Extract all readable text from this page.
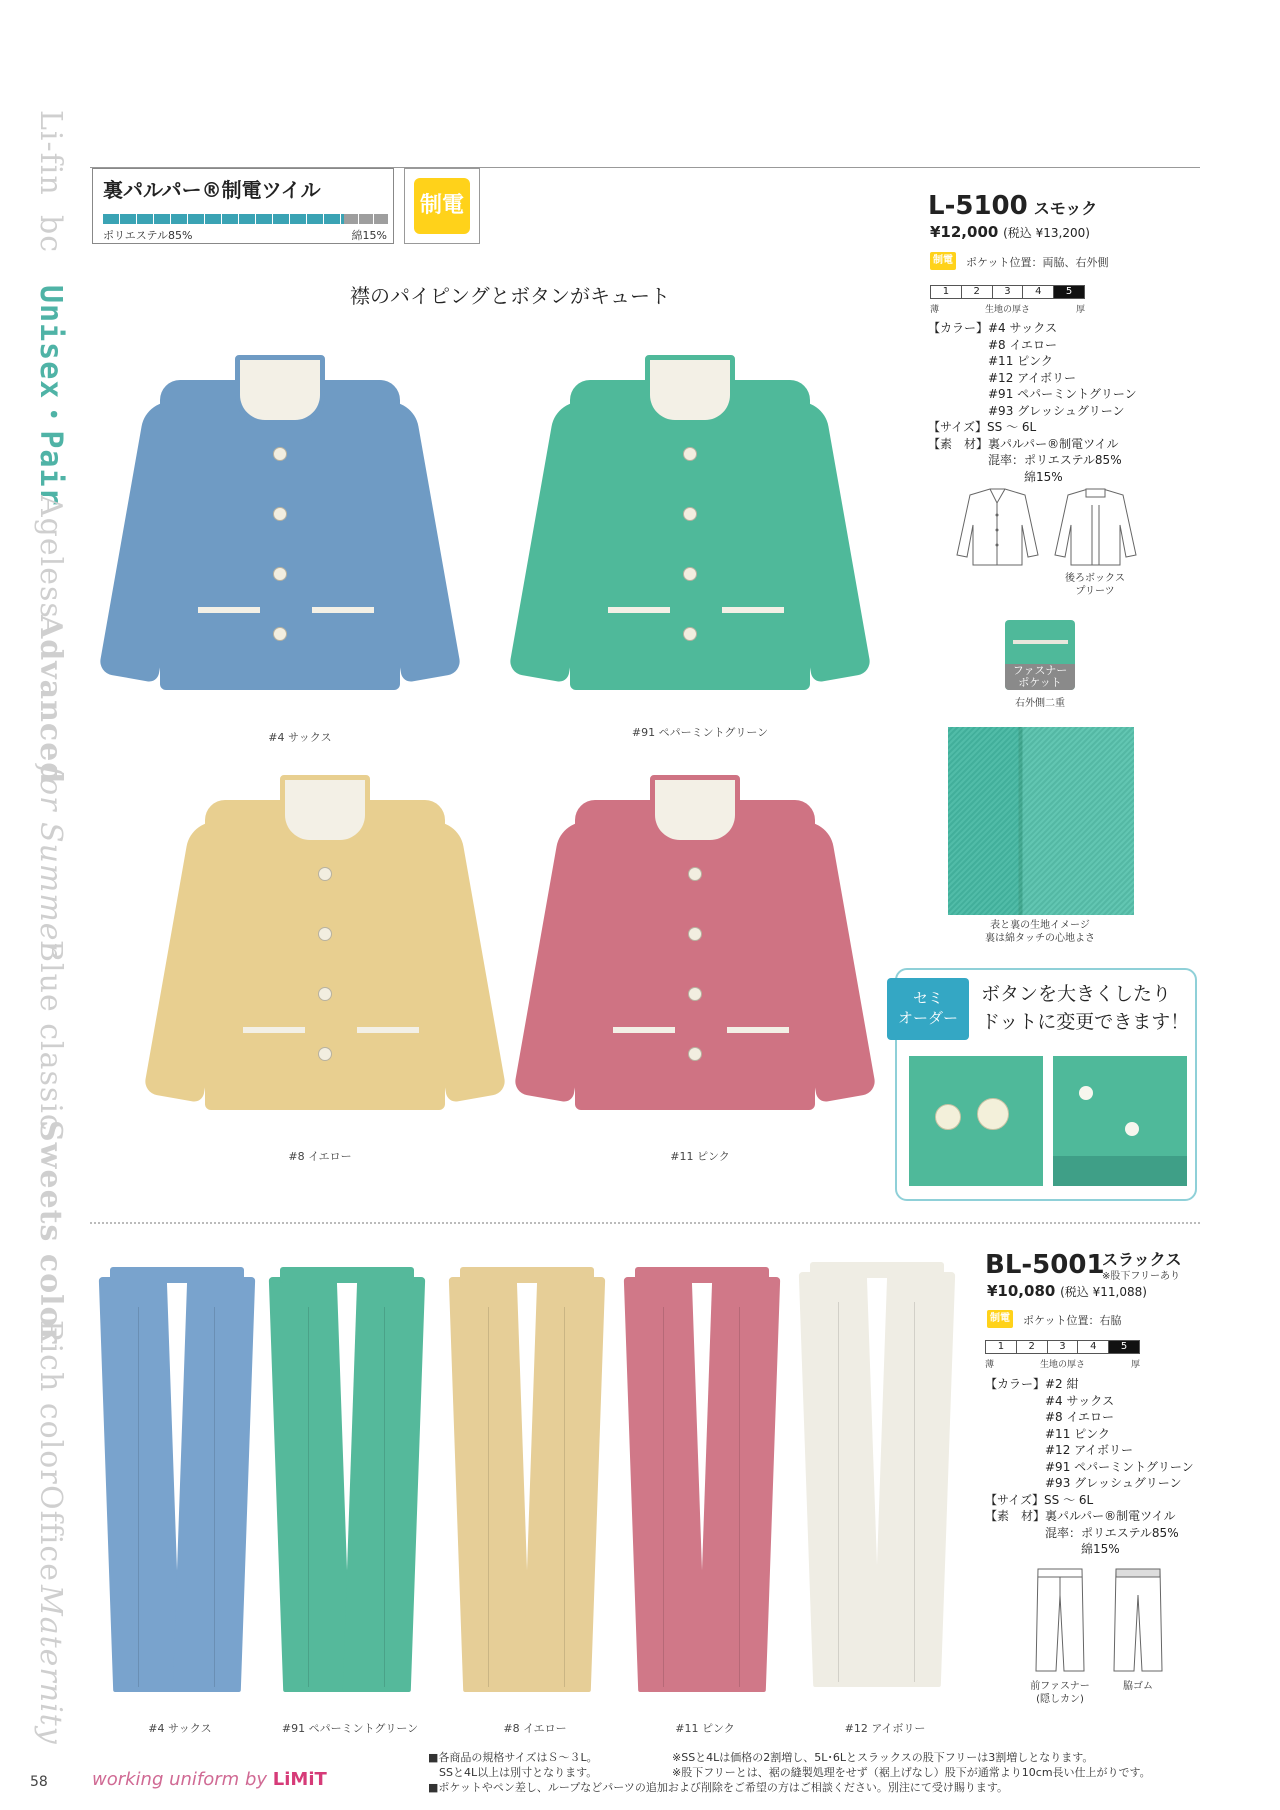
Li-fin
bc
Unisex・Pair
Ageless
Advanced
for Summer
Blue classic
Sweets color
Rich color
Office
Maternity
裏パルパー®制電ツイル
ポリエステル85%	綿15%
制電
襟のパイピングとボタンがキュート
#4 サックス	#91 ペパーミントグリーン
#8 イエロー	#11 ピンク
L-5100 スモック
¥12,000 (税込 ¥13,200)
制電 ポケット位置：両脇、右外側
1	2	3	4	5
薄	生地の厚さ	厚
【カラー】#4 サックス
　　　　　#8 イエロー
　　　　　#11 ピンク
　　　　　#12 アイボリー
　　　　　#91 ペパーミントグリーン
　　　　　#93 グレッシュグリーン
【サイズ】SS ～ 6L
【素　材】裏パルパー®制電ツイル
　　　　　混率：ポリエステル85%
　　　　　　　　綿15%
後ろボックス
プリーツ
ファスナー
ポケット
右外側二重
表と裏の生地イメージ
裏は綿タッチの心地よさ
セミ
オーダー
ボタンを大きくしたり
ドットに変更できます！
#4 サックス	#91 ペパーミントグリーン	#8 イエロー	#11 ピンク	#12 アイボリー
BL-5001
スラックス
※股下フリーあり
¥10,080 (税込 ¥11,088)
制電 ポケット位置：右脇
1	2	3	4	5
薄	生地の厚さ	厚
【カラー】#2 紺
　　　　　#4 サックス
　　　　　#8 イエロー
　　　　　#11 ピンク
　　　　　#12 アイボリー
　　　　　#91 ペパーミントグリーン
　　　　　#93 グレッシュグリーン
【サイズ】SS ～ 6L
【素　材】裏パルパー®制電ツイル
　　　　　混率：ポリエステル85%
　　　　　　　　綿15%
前ファスナー
(隠しカン)
脇ゴム
■各商品の規格サイズはＳ～３L。
　SSと4L以上は別寸となります。
■ポケットやペン差し、ループなどパーツの追加および削除をご希望の方はご相談ください。別注にて受け賜ります。
※SSと4Lは価格の2割増し、5L･6Lとスラックスの股下フリーは3割増しとなります。
※股下フリーとは、裾の縫製処理をせず（裾上げなし）股下が通常より10cm長い仕上がりです。
58 working uniform by LiMiT
